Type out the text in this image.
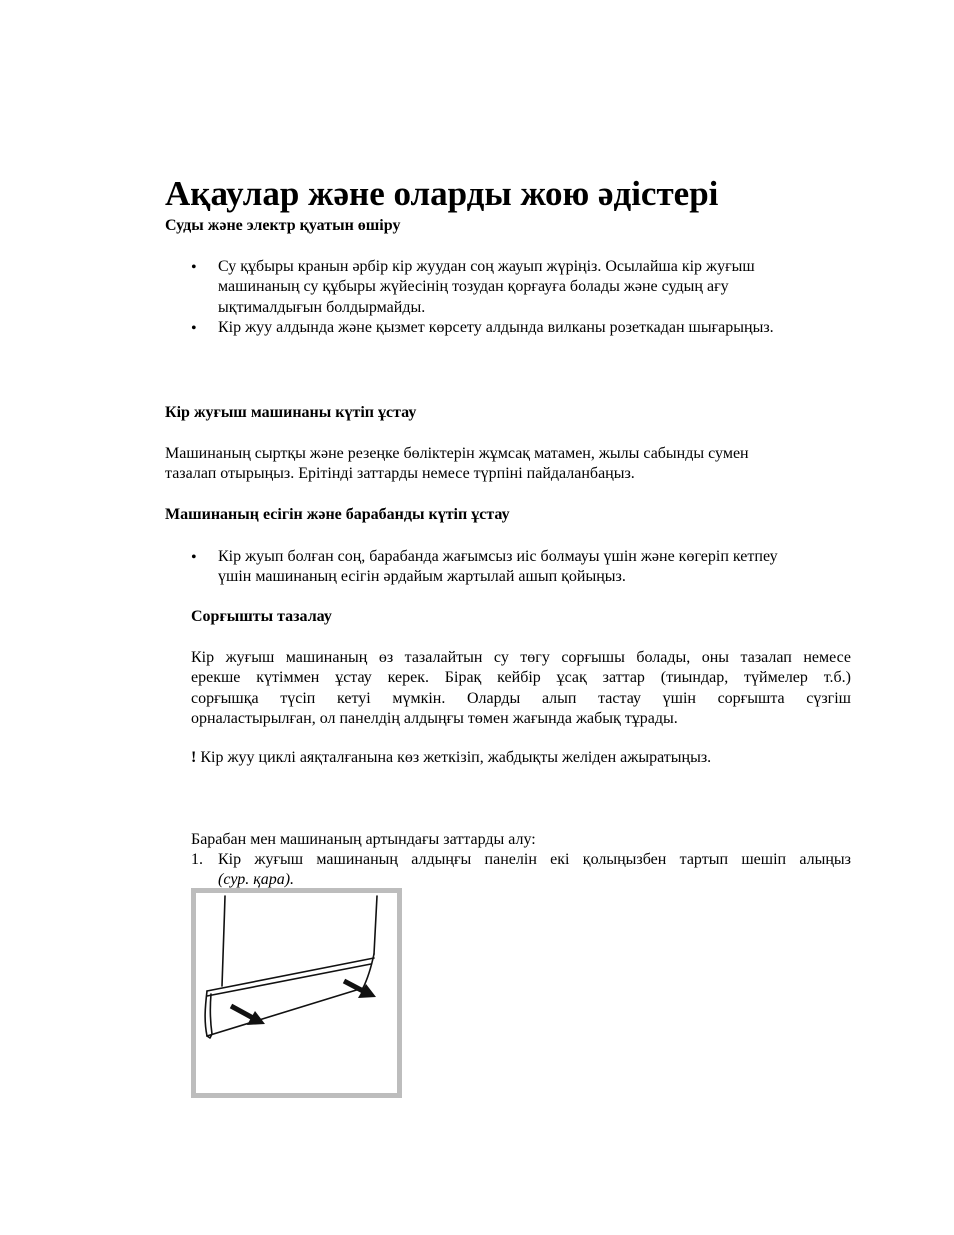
Ақаулар және оларды жою әдістері
Суды және электр қуатын өшіру
• Су құбыры кранын әрбір кір жуудан соң жауып жүріңіз. Осылайша кір жуғыш
машинаның су құбыры жүйесінің тозудан қорғауға болады және судың ағу
ықтималдығын болдырмайды.
• Кір жуу алдында және қызмет көрсету алдында вилканы розеткадан шығарыңыз.
Кір жуғыш машинаны күтіп ұстау
Машинаның сыртқы және резеңке бөліктерін жұмсақ матамен, жылы сабынды сумен
тазалап отырыңыз. Ерітінді заттарды немесе түрпіні пайдаланбаңыз.
Машинаның есігін және барабанды күтіп ұстау
• Кір жуып болған соң, барабанда жағымсыз иіс болмауы үшін және көгеріп кетпеу
үшін машинаның есігін әрдайым жартылай ашып қойыңыз.
Сорғышты тазалау
Кір жуғыш машинаның өз тазалайтын су төгу сорғышы болады, оны тазалап немесе
ерекше күтіммен ұстау керек. Бірақ кейбір ұсақ заттар (тиындар, түймелер т.б.)
сорғышқа түсіп кетуі мүмкін. Оларды алып тастау үшін сорғышта сүзгіш
орналастырылған, ол панелдің алдыңғы төмен жағында жабық тұрады.
! Кір жуу циклі аяқталғанына көз жеткізіп, жабдықты желіден ажыратыңыз.
Барабан мен машинаның артындағы заттарды алу:
1. Кір жуғыш машинаның алдыңғы панелін екі қолыңызбен тартып шешіп алыңыз
(сур. қара).
